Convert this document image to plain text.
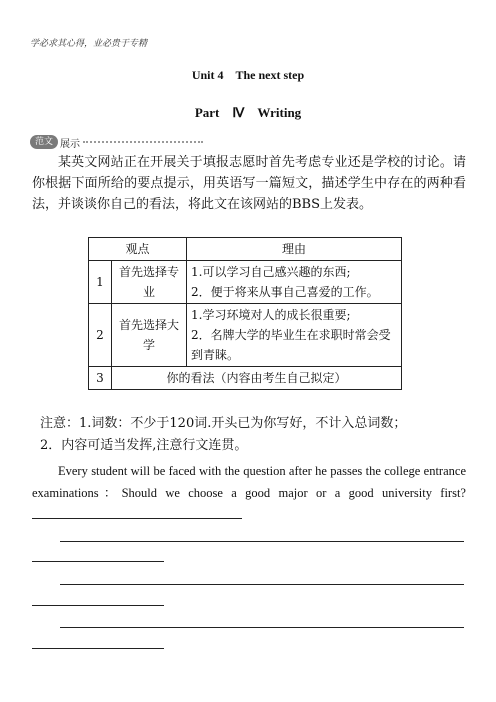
学必求其心得，业必贵于专精
Unit 4　The next step
Part　Ⅳ　Writing
范文 展示
某英文网站正在开展关于填报志愿时首先考虑专业还是学校的讨论。请你根据下面所给的要点提示，用英语写一篇短文，描述学生中存在的两种看法，并谈谈你自己的看法，将此文在该网站的BBS上发表。
观点		理由
1	首先选择专业	1.可以学习自己感兴趣的东西;
2．便于将来从事自己喜爱的工作。

2	首先选择大学	1.学习环境对人的成长很重要;
2．名牌大学的毕业生在求职时常会受到青睐。

3	你的看法（内容由考生自己拟定）	
注意：1.词数：不少于120词.开头已为你写好，不计入总词数；
2．内容可适当发挥,注意行文连贯。
Every student will be faced with the question after he passes the college entrance examinations：Should we choose a good major or a good university first?
